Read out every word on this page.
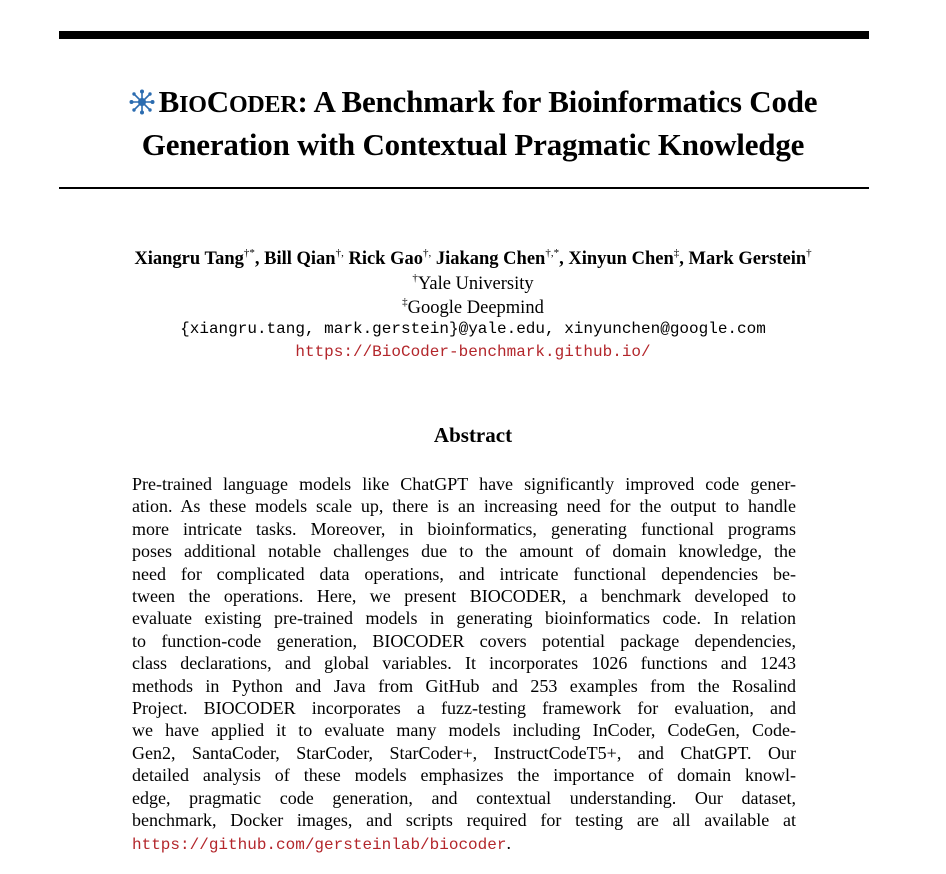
BIOCODER: A Benchmark for Bioinformatics Code
Generation with Contextual Pragmatic Knowledge
Xiangru Tang†*, Bill Qian†, Rick Gao†, Jiakang Chen†,*, Xinyun Chen‡, Mark Gerstein†
†Yale University
‡Google Deepmind
{xiangru.tang, mark.gerstein}@yale.edu, xinyunchen@google.com
https://BioCoder-benchmark.github.io/
Abstract
Pre-trained language models like ChatGPT have significantly improved code gener-
ation. As these models scale up, there is an increasing need for the output to handle
more intricate tasks. Moreover, in bioinformatics, generating functional programs
poses additional notable challenges due to the amount of domain knowledge, the
need for complicated data operations, and intricate functional dependencies be-
tween the operations. Here, we present BIOCODER, a benchmark developed to
evaluate existing pre-trained models in generating bioinformatics code. In relation
to function-code generation, BIOCODER covers potential package dependencies,
class declarations, and global variables. It incorporates 1026 functions and 1243
methods in Python and Java from GitHub and 253 examples from the Rosalind
Project. BIOCODER incorporates a fuzz-testing framework for evaluation, and
we have applied it to evaluate many models including InCoder, CodeGen, Code-
Gen2, SantaCoder, StarCoder, StarCoder+, InstructCodeT5+, and ChatGPT. Our
detailed analysis of these models emphasizes the importance of domain knowl-
edge, pragmatic code generation, and contextual understanding. Our dataset,
benchmark, Docker images, and scripts required for testing are all available at
https://github.com/gersteinlab/biocoder.
